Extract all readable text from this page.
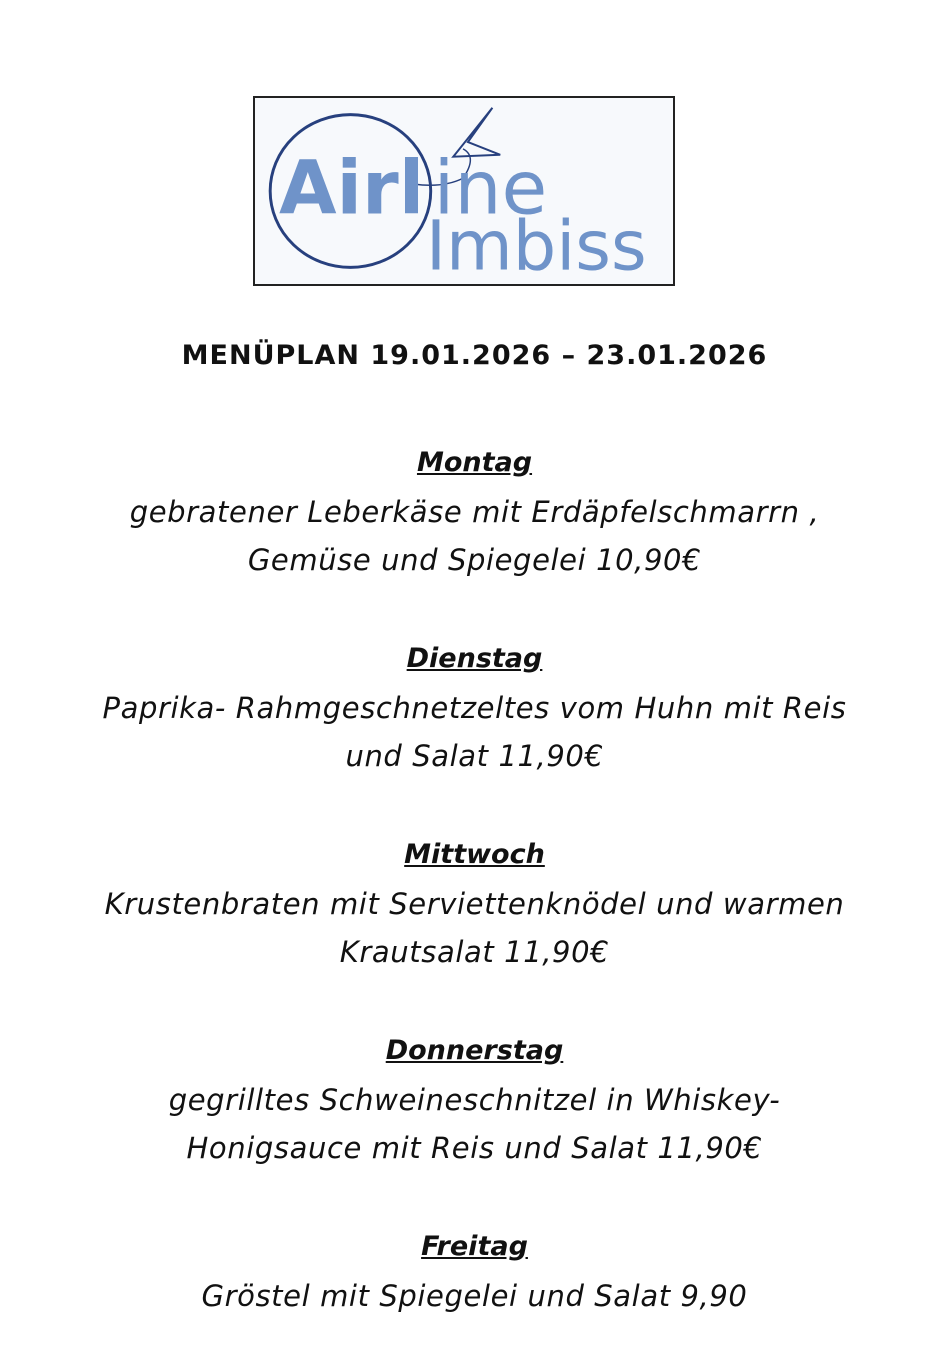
Airl ine
Imbiss
MENÜPLAN 19.01.2026 – 23.01.2026
Montag
gebratener Leberkäse mit Erdäpfelschmarrn ,
Gemüse und Spiegelei 10,90€
Dienstag
Paprika- Rahmgeschnetzeltes vom Huhn mit Reis
und Salat 11,90€
Mittwoch
Krustenbraten mit Serviettenknödel und warmen
Krautsalat 11,90€
Donnerstag
gegrilltes Schweineschnitzel in Whiskey-
Honigsauce mit Reis und Salat 11,90€
Freitag
Gröstel mit Spiegelei und Salat 9,90
